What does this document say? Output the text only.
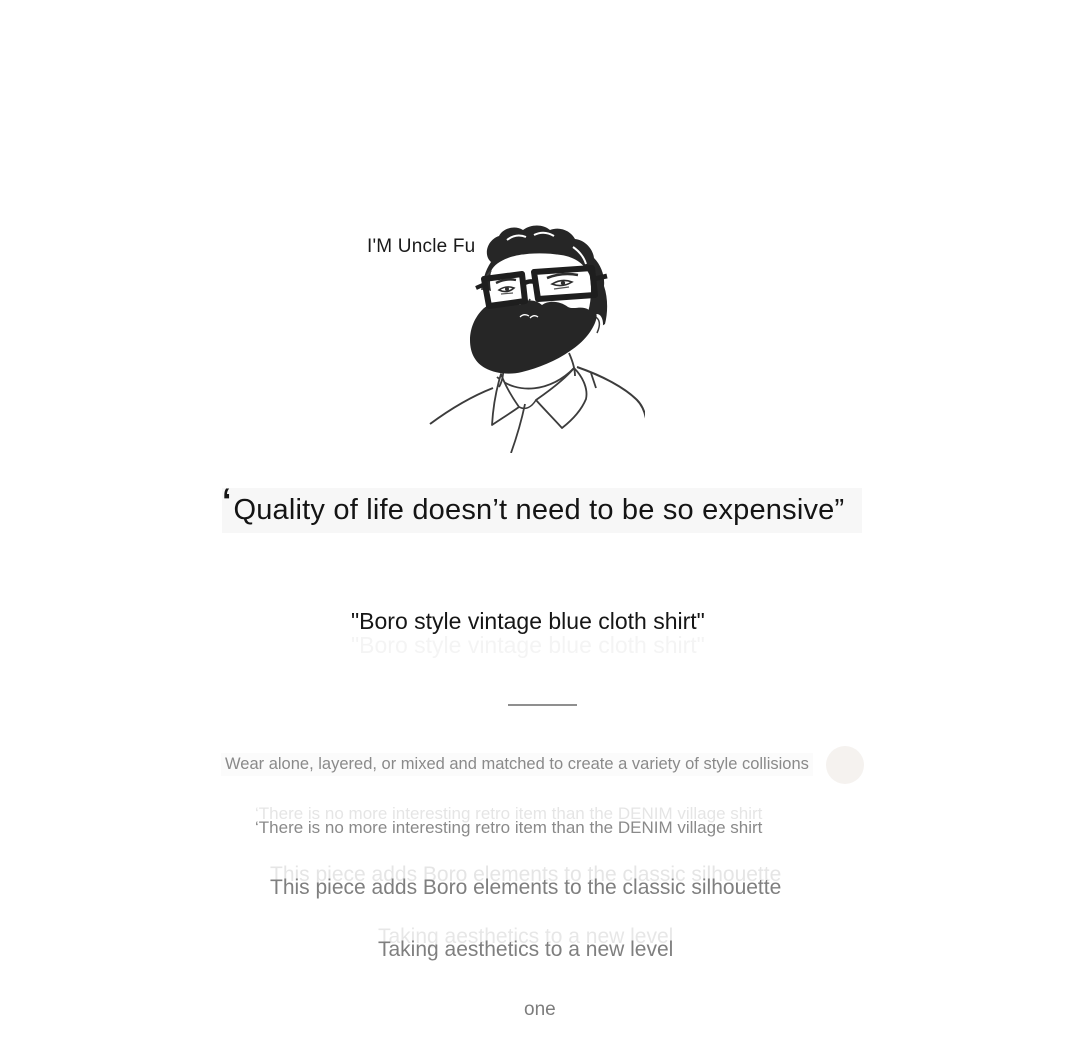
I'M Uncle Fu
‘ Quality of life doesn’t need to be so expensive ”
"Boro style vintage blue cloth shirt"
Wear alone, layered, or mixed and matched to create a variety of style collisions
‘There is no more interesting retro item than the DENIM village shirt
This piece adds Boro elements to the classic silhouette
Taking aesthetics to a new level
one
